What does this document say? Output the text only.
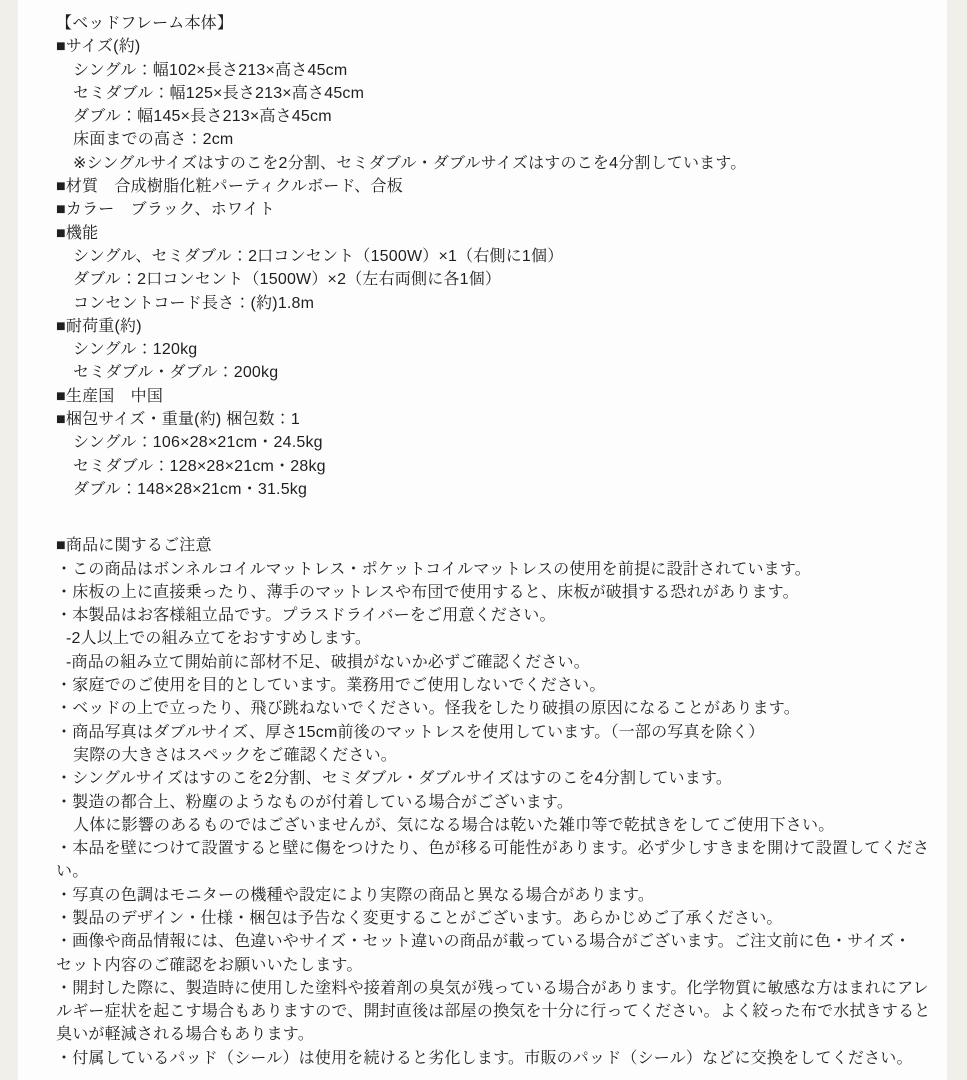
【ベッドフレーム本体】
■サイズ(約)
シングル：幅102×長さ213×高さ45cm
セミダブル：幅125×長さ213×高さ45cm
ダブル：幅145×長さ213×高さ45cm
床面までの高さ：2cm
※シングルサイズはすのこを2分割、セミダブル・ダブルサイズはすのこを4分割しています。
■材質　合成樹脂化粧パーティクルボード、合板
■カラー　ブラック、ホワイト
■機能
シングル、セミダブル：2口コンセント（1500W）×1（右側に1個）
ダブル：2口コンセント（1500W）×2（左右両側に各1個）
コンセントコード長さ：(約)1.8m
■耐荷重(約)
シングル：120kg
セミダブル・ダブル：200kg
■生産国　中国
■梱包サイズ・重量(約) 梱包数：1
シングル：106×28×21cm・24.5kg
セミダブル：128×28×21cm・28kg
ダブル：148×28×21cm・31.5kg
■商品に関するご注意
・この商品はボンネルコイルマットレス・ポケットコイルマットレスの使用を前提に設計されています。
・床板の上に直接乗ったり、薄手のマットレスや布団で使用すると、床板が破損する恐れがあります。
・本製品はお客様組立品です。プラスドライバーをご用意ください。
-2人以上での組み立てをおすすめします。
-商品の組み立て開始前に部材不足、破損がないか必ずご確認ください。
・家庭でのご使用を目的としています。業務用でご使用しないでください。
・ベッドの上で立ったり、飛び跳ねないでください。怪我をしたり破損の原因になることがあります。
・商品写真はダブルサイズ、厚さ15cm前後のマットレスを使用しています。（一部の写真を除く）
実際の大きさはスペックをご確認ください。
・シングルサイズはすのこを2分割、セミダブル・ダブルサイズはすのこを4分割しています。
・製造の都合上、粉塵のようなものが付着している場合がございます。
人体に影響のあるものではございませんが、気になる場合は乾いた雑巾等で乾拭きをしてご使用下さい。
・本品を壁につけて設置すると壁に傷をつけたり、色が移る可能性があります。必ず少しすきまを開けて設置してくださ
い。
・写真の色調はモニターの機種や設定により実際の商品と異なる場合があります。
・製品のデザイン・仕様・梱包は予告なく変更することがございます。あらかじめご了承ください。
・画像や商品情報には、色違いやサイズ・セット違いの商品が載っている場合がございます。ご注文前に色・サイズ・
セット内容のご確認をお願いいたします。
・開封した際に、製造時に使用した塗料や接着剤の臭気が残っている場合があります。化学物質に敏感な方はまれにアレ
ルギー症状を起こす場合もありますので、開封直後は部屋の換気を十分に行ってください。よく絞った布で水拭きすると
臭いが軽減される場合もあります。
・付属しているパッド（シール）は使用を続けると劣化します。市販のパッド（シール）などに交換をしてください。
